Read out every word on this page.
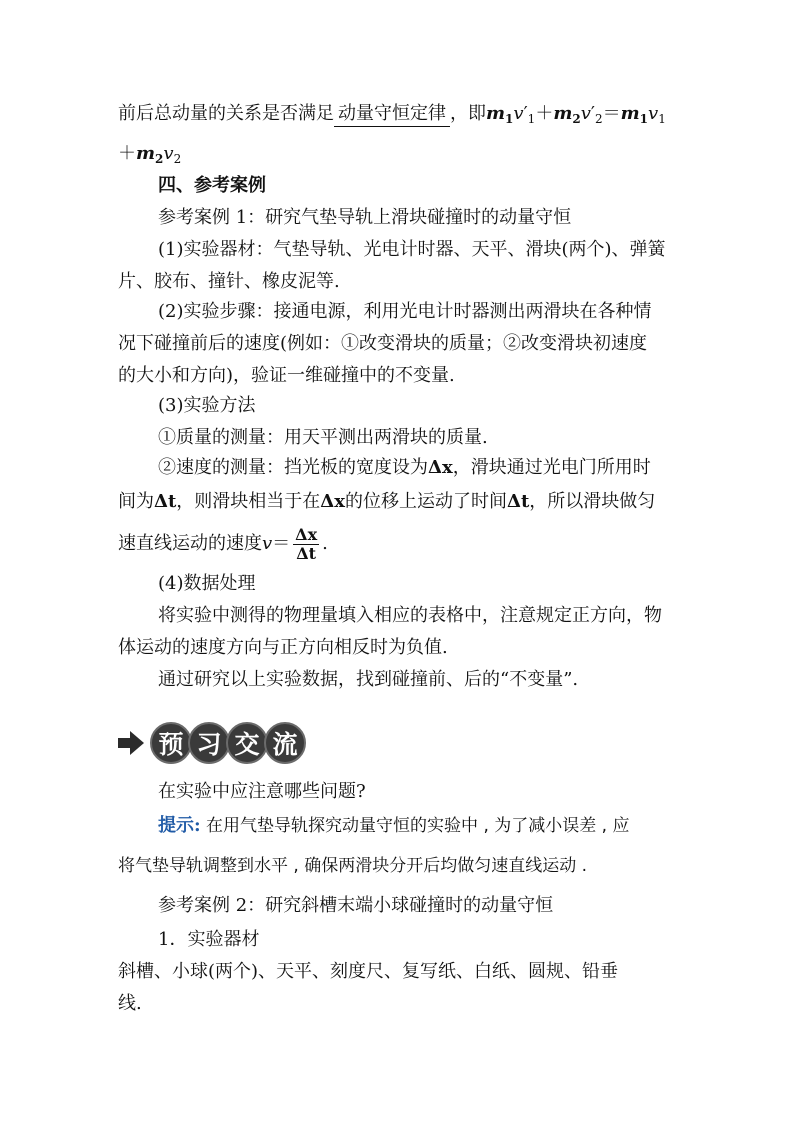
前后总动量的关系是否满足 动量守恒定律 ，即$m_1v'_1+m_2v'_2=m_1v_1$
$+m_2v_2$
四、参考案例
参考案例 1：研究气垫导轨上滑块碰撞时的动量守恒
(1)实验器材：气垫导轨、光电计时器、天平、滑块(两个)、弹簧
片、胶布、撞针、橡皮泥等.
(2)实验步骤：接通电源，利用光电计时器测出两滑块在各种情
况下碰撞前后的速度(例如：①改变滑块的质量；②改变滑块初速度
的大小和方向)，验证一维碰撞中的不变量.
(3)实验方法
①质量的测量：用天平测出两滑块的质量.
②速度的测量：挡光板的宽度设为Δx，滑块通过光电门所用时
间为Δt，则滑块相当于在Δx的位移上运动了时间Δt，所以滑块做匀
速直线运动的速度$v= \frac{\Delta x}{\Delta t}$ .
(4)数据处理
将实验中测得的物理量填入相应的表格中，注意规定正方向，物
体运动的速度方向与正方向相反时为负值.
通过研究以上实验数据，找到碰撞前、后的“不变量”.
预 习 交 流
在实验中应注意哪些问题?
提示: 在用气垫导轨探究动量守恒的实验中 , 为了减小误差 , 应
将气垫导轨调整到水平 , 确保两滑块分开后均做匀速直线运动 .
参考案例 2：研究斜槽末端小球碰撞时的动量守恒
1．实验器材
斜槽、小球(两个)、天平、刻度尺、复写纸、白纸、圆规、铅垂
线.
